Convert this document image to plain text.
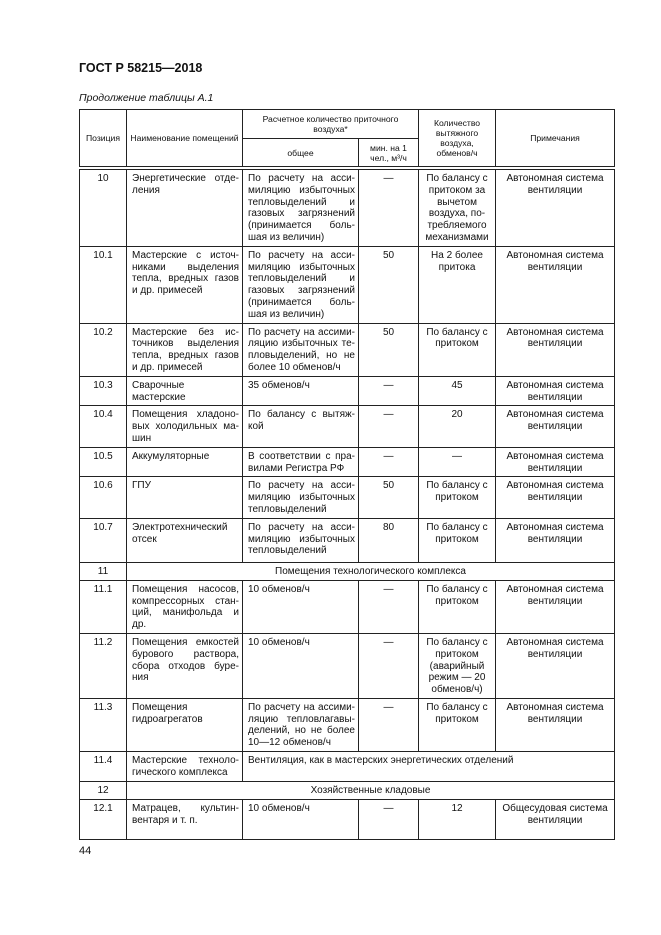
ГОСТ Р 58215—2018
Продолжение таблицы А.1
Позиция	Наименование помещений	Расчетное количество приточного воздуха*		Количество вытяжного воздуха, обменов/ч	Примечания
		общее	мин. на 1 чел., м³/ч		

10	Энергетические отде-ления	По расчету на асси-миляцию избыточных тепловыделений и газовых загрязнений (принимается боль-шая из величин)	—	По балансу с притоком за вычетом воздуха, по-требляемого механизмами	Автономная система вентиляции
10.1	Мастерские с источ-никами выделения тепла, вредных газов и др. примесей	По расчету на асси-миляцию избыточных тепловыделений и газовых загрязнений (принимается боль-шая из величин)	50	На 2 более притока	Автономная система вентиляции
10.2	Мастерские без ис-точников выделения тепла, вредных газов и др. примесей	По расчету на ассими-ляцию избыточных те-пловыделений, но не более 10 обменов/ч	50	По балансу с притоком	Автономная система вентиляции
10.3	Сварочные мастерские	35 обменов/ч	—	45	Автономная система вентиляции
10.4	Помещения хладоно-вых холодильных ма-шин	По балансу с вытяж-кой	—	20	Автономная система вентиляции
10.5	Аккумуляторные	В соответствии с пра-вилами Регистра РФ	—	—	Автономная система вентиляции
10.6	ГПУ	По расчету на асси-миляцию избыточных тепловыделений	50	По балансу с притоком	Автономная система вентиляции
10.7	Электротехнический отсек	По расчету на асси-миляцию избыточных тепловыделений	80	По балансу с притоком	Автономная система вентиляции
11	Помещения технологического комплекса				
11.1	Помещения насосов, компрессорных стан-ций, манифольда и др.	10 обменов/ч	—	По балансу с притоком	Автономная система вентиляции
11.2	Помещения емкостей бурового раствора, сбора отходов буре-ния	10 обменов/ч	—	По балансу с притоком (аварийный режим — 20 обменов/ч)	Автономная система вентиляции
11.3	Помещения гидроагрегатов	По расчету на ассими-ляцию тепловлагавы-делений, но не более 10—12 обменов/ч	—	По балансу с притоком	Автономная система вентиляции
11.4	Мастерские техноло-гического комплекса	Вентиляция, как в мастерских энергетических отделений			
12	Хозяйственные кладовые				
12.1	Матрацев, культин-вентаря и т. п.	10 обменов/ч	—	12	Общесудовая система вентиляции
44
